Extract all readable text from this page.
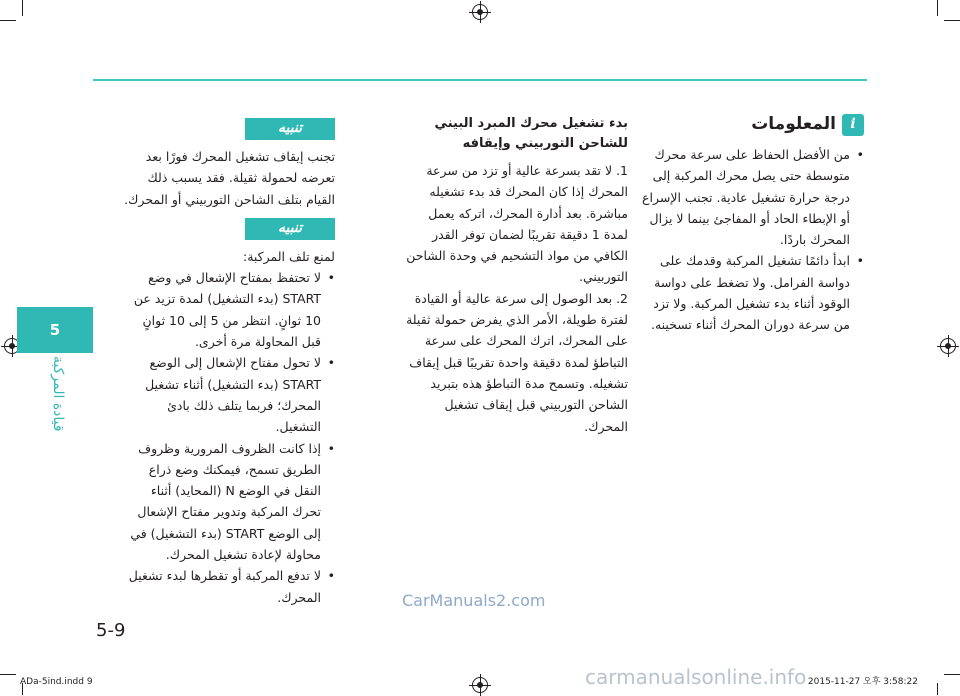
i
المعلومات

• من الأفضل الحفاظ على سرعة محرك متوسطة حتى يصل محرك المركبة إلى درجة حرارة تشغيل عادية. تجنب الإسراع أو الإبطاء الحاد أو المفاجئ بينما لا يزال المحرك باردًا.

• ابدأ دائمًا تشغيل المركبة وقدمك على دواسة الفرامل. ولا تضغط على دواسة الوقود أثناء بدء تشغيل المركبة. ولا تزد من سرعة دوران المحرك أثناء تسخينه.

بدء تشغيل محرك المبرد البيني للشاحن التوربيني وإيقافه

1. لا تقد بسرعة عالية أو تزد من سرعة المحرك إذا كان المحرك قد بدء تشغيله مباشرة. بعد أدارة المحرك، اتركه يعمل لمدة 1 دقيقة تقريبًا لضمان توفر القدر الكافي من مواد التشحيم في وحدة الشاحن التوربيني.

2. بعد الوصول إلى سرعة عالية أو القيادة لفترة طويلة، الأمر الذي يفرض حمولة ثقيلة على المحرك، اترك المحرك على سرعة التباطؤ لمدة دقيقة واحدة تقريبًا قبل إيقاف تشغيله. وتسمح مدة التباطؤ هذه بتبريد الشاحن التوربيني قبل إيقاف تشغيل المحرك.

تنبيه

تجنب إيقاف تشغيل المحرك فورًا بعد تعرضه لحمولة ثقيلة. فقد يسبب ذلك القيام بتلف الشاحن التوربيني أو المحرك.

تنبيه

لمنع تلف المركبة:

• لا تحتفظ بمفتاح الإشعال في وضع START (بدء التشغيل) لمدة تزيد عن 10 ثوانٍ. انتظر من 5 إلى 10 ثوانٍ قبل المحاولة مرة أخرى.

• لا تحول مفتاح الإشعال إلى الوضع START (بدء التشغيل) أثناء تشغيل المحرك؛ فربما يتلف ذلك بادئ التشغيل.

• إذا كانت الظروف المرورية وظروف الطريق تسمح، فيمكنك وضع ذراع النقل في الوضع N (المحايد) أثناء تحرك المركبة وتدوير مفتاح الإشعال إلى الوضع START (بدء التشغيل) في محاولة لإعادة تشغيل المحرك.

• لا تدفع المركبة أو تقطرها لبدء تشغيل المحرك.

5
قيادة المركبة
CarManuals2.com
5-9
ADa-5ind.indd 9	carmanualsonline.info 2015-11-27 오후 3:58:22
